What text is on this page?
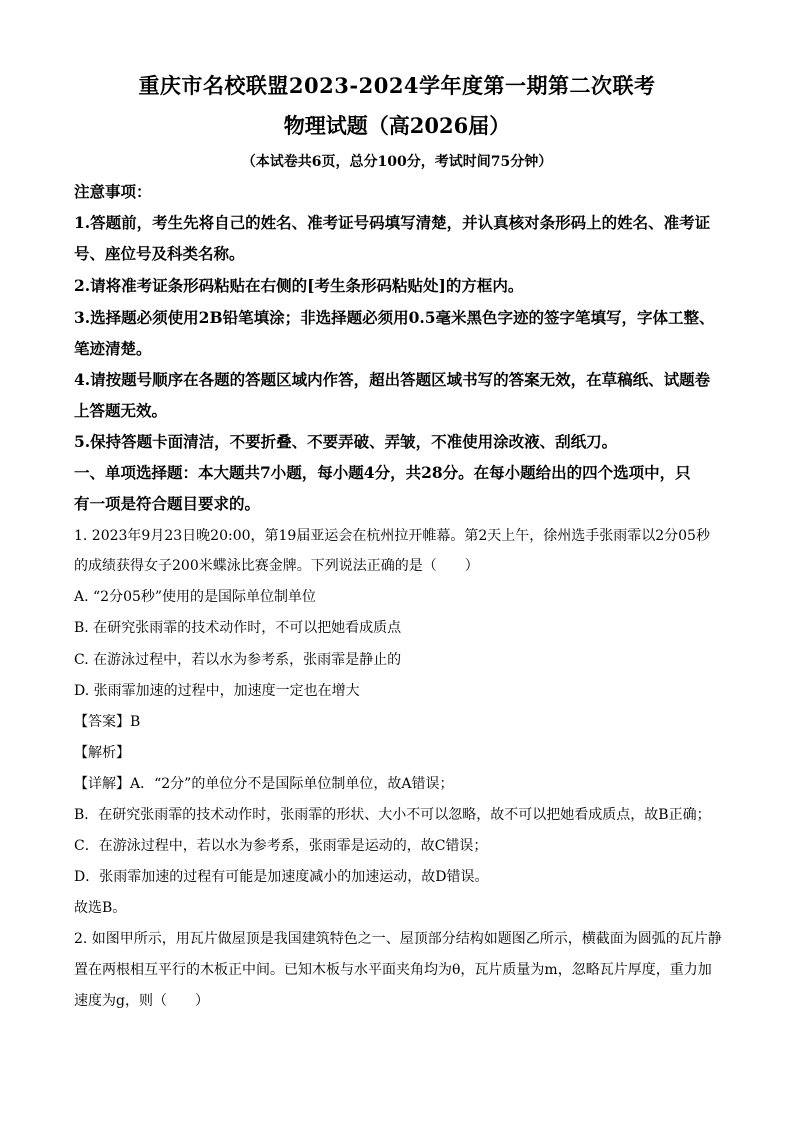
重庆市名校联盟2023-2024学年度第一期第二次联考
物理试题（高2026届）
（本试卷共6页，总分100分，考试时间75分钟）
注意事项：
1.答题前，考生先将自己的姓名、准考证号码填写清楚，并认真核对条形码上的姓名、准考证
号、座位号及科类名称。
2.请将准考证条形码粘贴在右侧的[考生条形码粘贴处]的方框内。
3.选择题必须使用2B铅笔填涂；非选择题必须用0.5毫米黑色字迹的签字笔填写，字体工整、
笔迹清楚。
4.请按题号顺序在各题的答题区域内作答，超出答题区域书写的答案无效，在草稿纸、试题卷
上答题无效。
5.保持答题卡面清洁，不要折叠、不要弄破、弄皱，不准使用涂改液、刮纸刀。
一、单项选择题：本大题共7小题，每小题4分，共28分。在每小题给出的四个选项中，只
有一项是符合题目要求的。
1. 2023年9月23日晚20:00，第19届亚运会在杭州拉开帷幕。第2天上午，徐州选手张雨霏以2分05秒
的成绩获得女子200米蝶泳比赛金牌。下列说法正确的是（　　）
A. “2分05秒”使用的是国际单位制单位
B. 在研究张雨霏的技术动作时，不可以把她看成质点
C. 在游泳过程中，若以水为参考系，张雨霏是静止的
D. 张雨霏加速的过程中，加速度一定也在增大
【答案】B
【解析】
【详解】A．“2分”的单位分不是国际单位制单位，故A错误；
B．在研究张雨霏的技术动作时，张雨霏的形状、大小不可以忽略，故不可以把她看成质点，故B正确；
C．在游泳过程中，若以水为参考系，张雨霏是运动的，故C错误；
D．张雨霏加速的过程有可能是加速度减小的加速运动，故D错误。
故选B。
2. 如图甲所示，用瓦片做屋顶是我国建筑特色之一、屋顶部分结构如题图乙所示，横截面为圆弧的瓦片静
置在两根相互平行的木板正中间。已知木板与水平面夹角均为θ，瓦片质量为m，忽略瓦片厚度，重力加
速度为g，则（　　）
